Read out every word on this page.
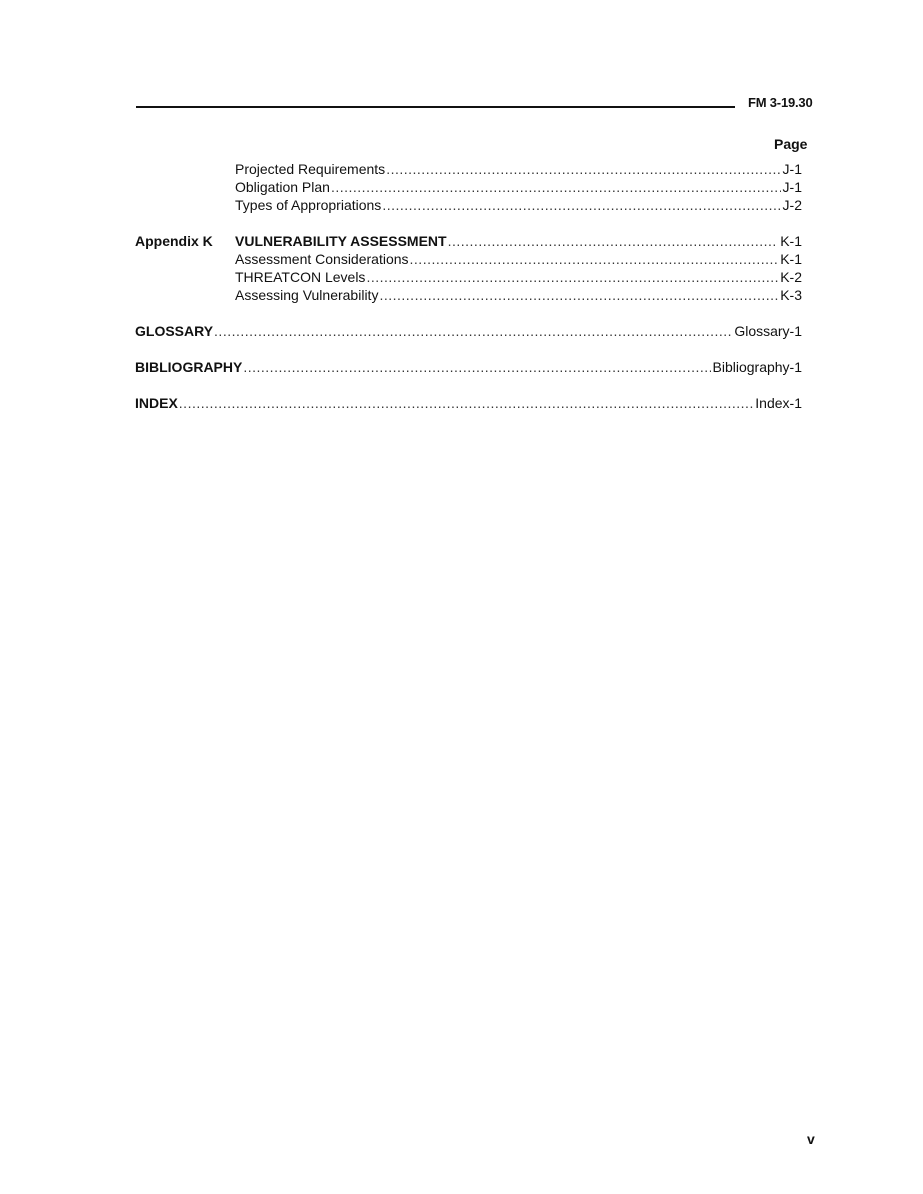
FM 3-19.30
Page
Projected Requirements .....	J-1
Obligation Plan .....	J-1
Types of Appropriations .....	J-2
Appendix K VULNERABILITY ASSESSMENT .....	K-1
Assessment Considerations .....	K-1
THREATCON Levels .....	K-2
Assessing Vulnerability .....	K-3
GLOSSARY .....	Glossary-1
BIBLIOGRAPHY .....	Bibliography-1
INDEX .....	Index-1
v
